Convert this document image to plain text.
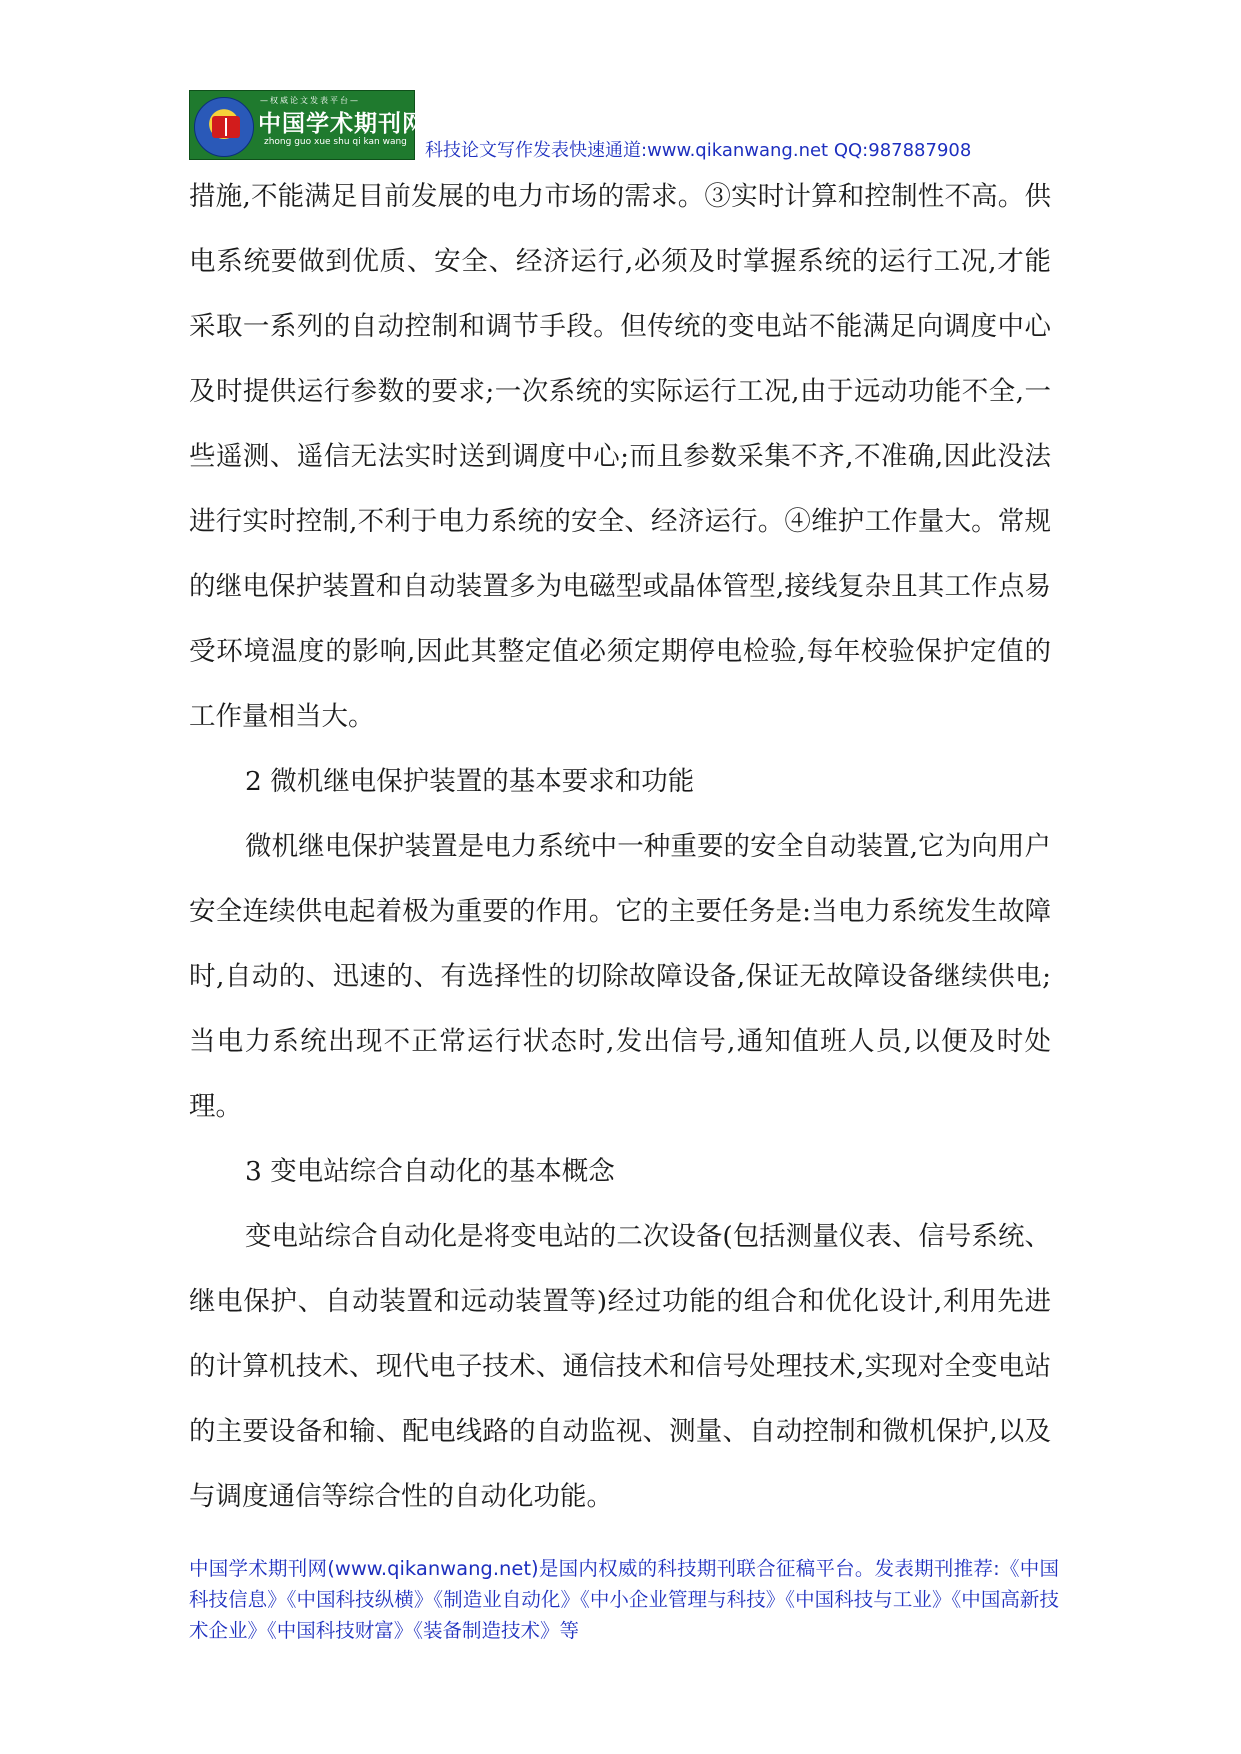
—权威论文发表平台—
中国学术期刊网
zhong guo xue shu qi kan wang 科技论文写作发表快速通道:www.qikanwang.net QQ:987887908

措施,不能满足目前发展的电力市场的需求。③实时计算和控制性不高。供电系统要做到优质、安全、经济运行,必须及时掌握系统的运行工况,才能采取一系列的自动控制和调节手段。但传统的变电站不能满足向调度中心及时提供运行参数的要求;一次系统的实际运行工况,由于远动功能不全,一些遥测、遥信无法实时送到调度中心;而且参数采集不齐,不准确,因此没法进行实时控制,不利于电力系统的安全、经济运行。④维护工作量大。常规的继电保护装置和自动装置多为电磁型或晶体管型,接线复杂且其工作点易受环境温度的影响,因此其整定值必须定期停电检验,每年校验保护定值的工作量相当大。

2 微机继电保护装置的基本要求和功能

微机继电保护装置是电力系统中一种重要的安全自动装置,它为向用户安全连续供电起着极为重要的作用。它的主要任务是:当电力系统发生故障时,自动的、迅速的、有选择性的切除故障设备,保证无故障设备继续供电;当电力系统出现不正常运行状态时,发出信号,通知值班人员,以便及时处理。

3 变电站综合自动化的基本概念

变电站综合自动化是将变电站的二次设备(包括测量仪表、信号系统、继电保护、自动装置和远动装置等)经过功能的组合和优化设计,利用先进的计算机技术、现代电子技术、通信技术和信号处理技术,实现对全变电站的主要设备和输、配电线路的自动监视、测量、自动控制和微机保护,以及与调度通信等综合性的自动化功能。

中国学术期刊网(www.qikanwang.net)是国内权威的科技期刊联合征稿平台。发表期刊推荐:《中国科技信息》《中国科技纵横》《制造业自动化》《中小企业管理与科技》《中国科技与工业》《中国高新技术企业》《中国科技财富》《装备制造技术》等
